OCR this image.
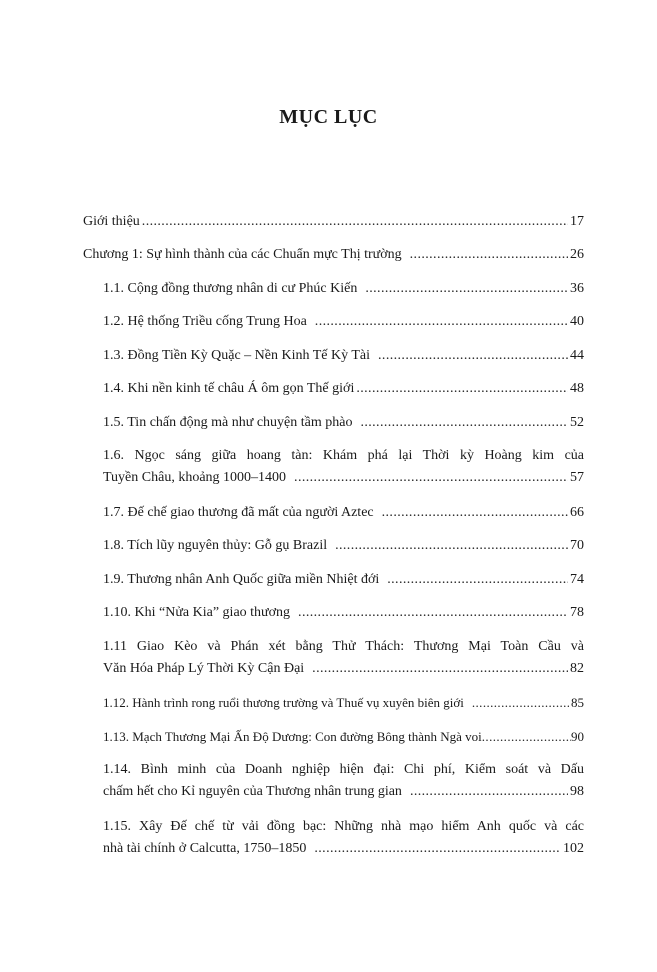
MỤC LỤC
Giới thiệu .....	17
Chương 1: Sự hình thành của các Chuẩn mực Thị trường .....	26
1.1. Cộng đồng thương nhân di cư Phúc Kiến .....	36
1.2. Hệ thống Triều cống Trung Hoa .....	40
1.3. Đồng Tiền Kỳ Quặc – Nền Kinh Tế Kỳ Tài .....	44
1.4. Khi nền kinh tế châu Á ôm gọn Thế giới .....	48
1.5. Tin chấn động mà như chuyện tầm phào .....	52
1.6. Ngọc sáng giữa hoang tàn: Khám phá lại Thời kỳ Hoàng kim của
Tuyền Châu, khoảng 1000–1400 .....	57
1.7. Đế chế giao thương đã mất của người Aztec .....	66
1.8. Tích lũy nguyên thủy: Gỗ gụ Brazil .....	70
1.9. Thương nhân Anh Quốc giữa miền Nhiệt đới .....	74
1.10. Khi “Nửa Kia” giao thương .....	78
1.11 Giao Kèo và Phán xét bằng Thử Thách: Thương Mại Toàn Cầu và
Văn Hóa Pháp Lý Thời Kỳ Cận Đại .....	82
1.12. Hành trình rong ruổi thương trường và Thuế vụ xuyên biên giới .....	85
1.13. Mạch Thương Mại Ấn Độ Dương: Con đường Bông thành Ngà voi .....	90
1.14. Bình minh của Doanh nghiệp hiện đại: Chi phí, Kiểm soát và Dấu
chấm hết cho Kỉ nguyên của Thương nhân trung gian .....	98
1.15. Xây Đế chế từ vải đồng bạc: Những nhà mạo hiểm Anh quốc và các
nhà tài chính ở Calcutta, 1750–1850 .....	102
